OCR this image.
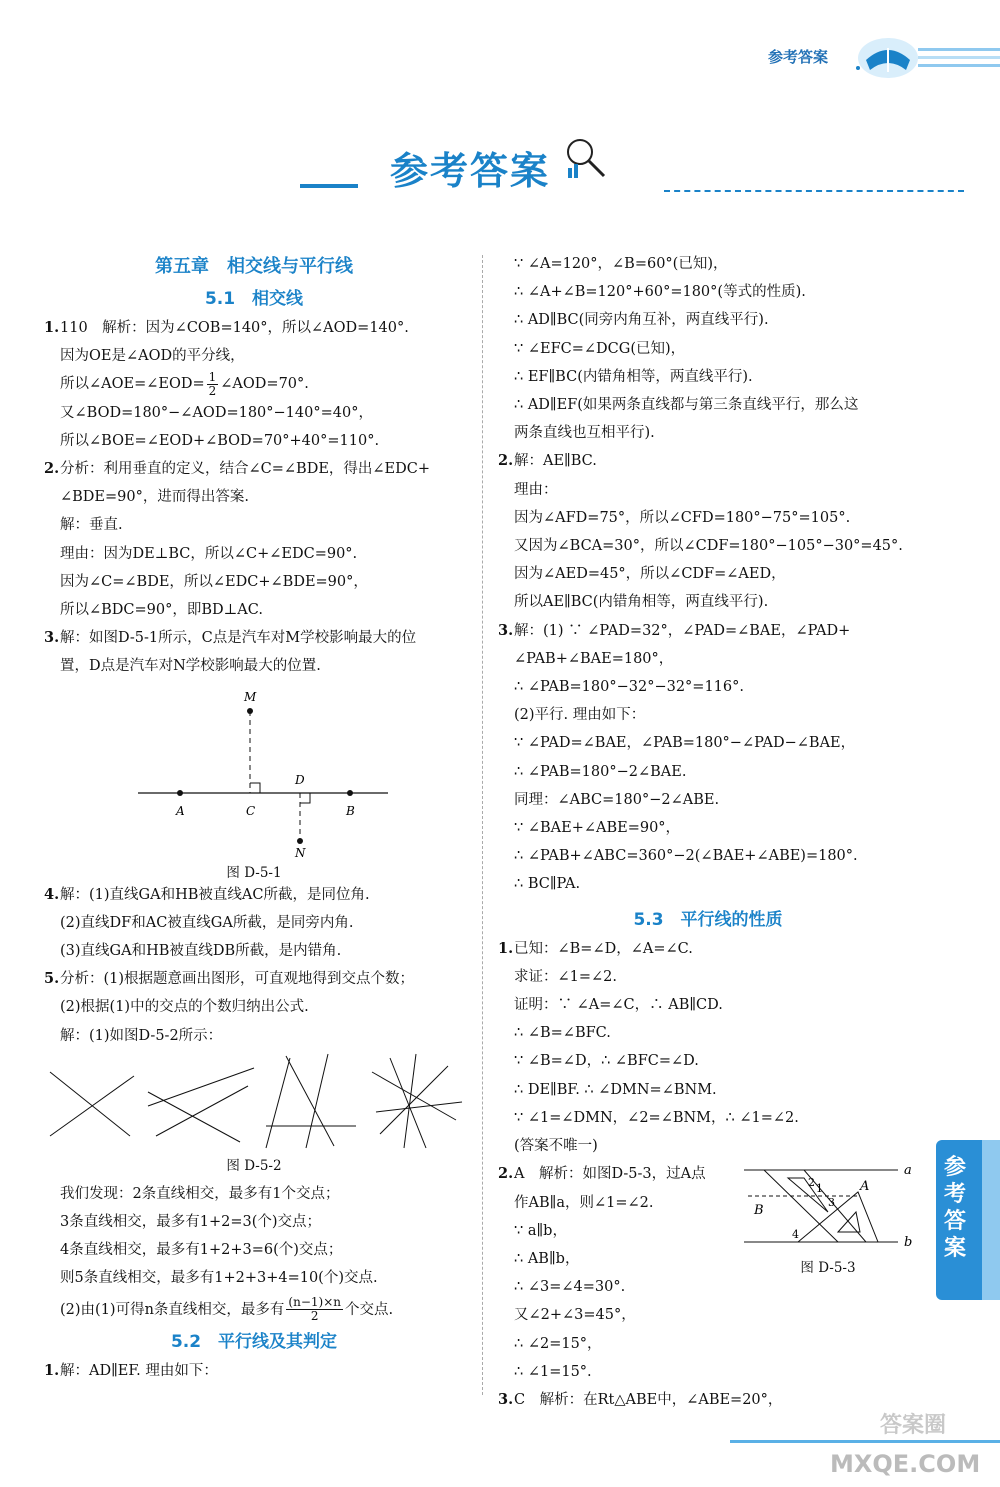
参考答案
参考答案
第五章　相交线与平行线
5.1　相交线
1.110　解析：因为∠COB=140°，所以∠AOD=140°.
因为OE是∠AOD的平分线，
所以∠AOE=∠EOD= $\frac{1}{2}$ ∠AOD=70°.
又∠BOD=180°−∠AOD=180°−140°=40°，
所以∠BOE=∠EOD+∠BOD=70°+40°=110°.
2.分析：利用垂直的定义，结合∠C=∠BDE，得出∠EDC+
∠BDE=90°，进而得出答案.
解：垂直.
理由：因为DE⊥BC，所以∠C+∠EDC=90°.
因为∠C=∠BDE，所以∠EDC+∠BDE=90°，
所以∠BDC=90°，即BD⊥AC.
3.解：如图D-5-1所示，C点是汽车对M学校影响最大的位
置，D点是汽车对N学校影响最大的位置.
M
A	C
D
B
N
图 D-5-1
4.解：(1)直线GA和HB被直线AC所截，是同位角.
(2)直线DF和AC被直线GA所截，是同旁内角.
(3)直线GA和HB被直线DB所截，是内错角.
5.分析：(1)根据题意画出图形，可直观地得到交点个数；
(2)根据(1)中的交点的个数归纳出公式.
解：(1)如图D-5-2所示：
图 D-5-2
我们发现：2条直线相交，最多有1个交点；
3条直线相交，最多有1+2=3(个)交点；
4条直线相交，最多有1+2+3=6(个)交点；
则5条直线相交，最多有1+2+3+4=10(个)交点.
(2)由(1)可得n条直线相交，最多有 $\frac{(n-1)\times n}{2}$ 个交点.
5.2　平行线及其判定
1.解：AD∥EF. 理由如下：
∵ ∠A=120°，∠B=60°(已知)，
∴ ∠A+∠B=120°+60°=180°(等式的性质).
∴ AD∥BC(同旁内角互补，两直线平行).
∵ ∠EFC=∠DCG(已知)，
∴ EF∥BC(内错角相等，两直线平行).
∴ AD∥EF(如果两条直线都与第三条直线平行，那么这
两条直线也互相平行).
2.解：AE∥BC.
理由：
因为∠AFD=75°，所以∠CFD=180°−75°=105°.
又因为∠BCA=30°，所以∠CDF=180°−105°−30°=45°.
因为∠AED=45°，所以∠CDF=∠AED，
所以AE∥BC(内错角相等，两直线平行).
3.解：(1) ∵ ∠PAD=32°，∠PAD=∠BAE，∠PAD+
∠PAB+∠BAE=180°，
∴ ∠PAB=180°−32°−32°=116°.
(2)平行. 理由如下：
∵ ∠PAD=∠BAE，∠PAB=180°−∠PAD−∠BAE，
∴ ∠PAB=180°−2∠BAE.
同理：∠ABC=180°−2∠ABE.
∵ ∠BAE+∠ABE=90°，
∴ ∠PAB+∠ABC=360°−2(∠BAE+∠ABE)=180°.
∴ BC∥PA.
5.3　平行线的性质
1.已知：∠B=∠D，∠A=∠C.
求证：∠1=∠2.
证明：∵ ∠A=∠C，∴ AB∥CD.
∴ ∠B=∠BFC.
∵ ∠B=∠D，∴ ∠BFC=∠D.
∴ DE∥BF. ∴ ∠DMN=∠BNM.
∵ ∠1=∠DMN，∠2=∠BNM，∴ ∠1=∠2.
(答案不唯一)
2.A　解析：如图D-5-3，过A点
作AB∥a，则∠1=∠2.
∵ a∥b，
∴ AB∥b，
∴ ∠3=∠4=30°.
又∠2+∠3=45°，
∴ ∠2=15°，
∴ ∠1=15°.
3.C　解析：在Rt△ABE中，∠ABE=20°，
a
b
A
B
1
2
3
4
图 D-5-3
参考答案
答案圈
MXQE.COM
